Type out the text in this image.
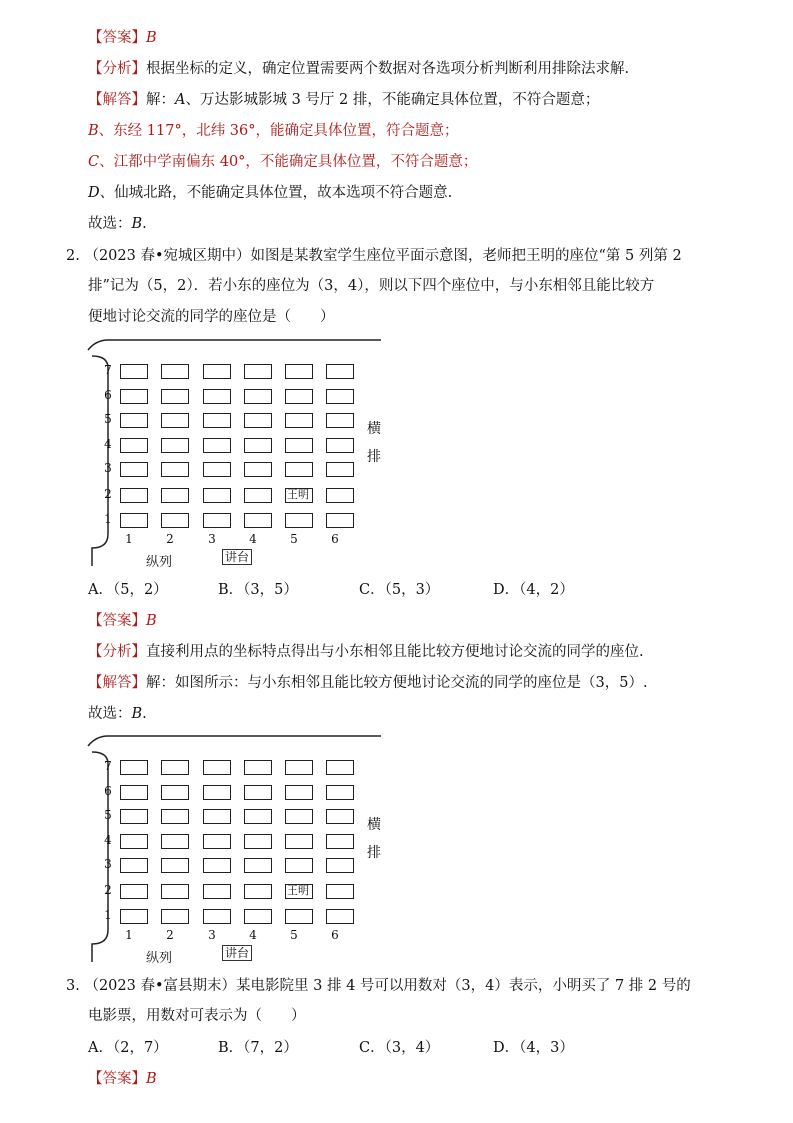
【答案】B
【分析】根据坐标的定义，确定位置需要两个数据对各选项分析判断利用排除法求解.
【解答】解：A、万达影城影城 3 号厅 2 排，不能确定具体位置，不符合题意；
B、东经 117°，北纬 36°，能确定具体位置，符合题意；
C、江都中学南偏东 40°，不能确定具体位置，不符合题意；
D、仙城北路，不能确定具体位置，故本选项不符合题意.
故选：B.
2. （2023 春•宛城区期中）如图是某教室学生座位平面示意图，老师把王明的座位“第 5 列第 2
排”记为（5，2）．若小东的座位为（3，4），则以下四个座位中，与小东相邻且能比较方
便地讨论交流的同学的座位是（　　）
7
6
5
4
3
2	王明
1
1	2	3	4	5	6
纵列	讲台
横
排
A．（5，2）	B．（3，5）	C．（5，3）	D．（4，2）
【答案】B
【分析】直接利用点的坐标特点得出与小东相邻且能比较方便地讨论交流的同学的座位.
【解答】解：如图所示：与小东相邻且能比较方便地讨论交流的同学的座位是（3，5）.
故选：B.
7
6
5
4
3
2	王明
1
1	2	3	4	5	6
纵列	讲台
横
排
3. （2023 春•富县期末）某电影院里 3 排 4 号可以用数对（3，4）表示，小明买了 7 排 2 号的
电影票，用数对可表示为（　　）
A．（2，7）	B．（7，2）	C．（3，4）	D．（4，3）
【答案】B
